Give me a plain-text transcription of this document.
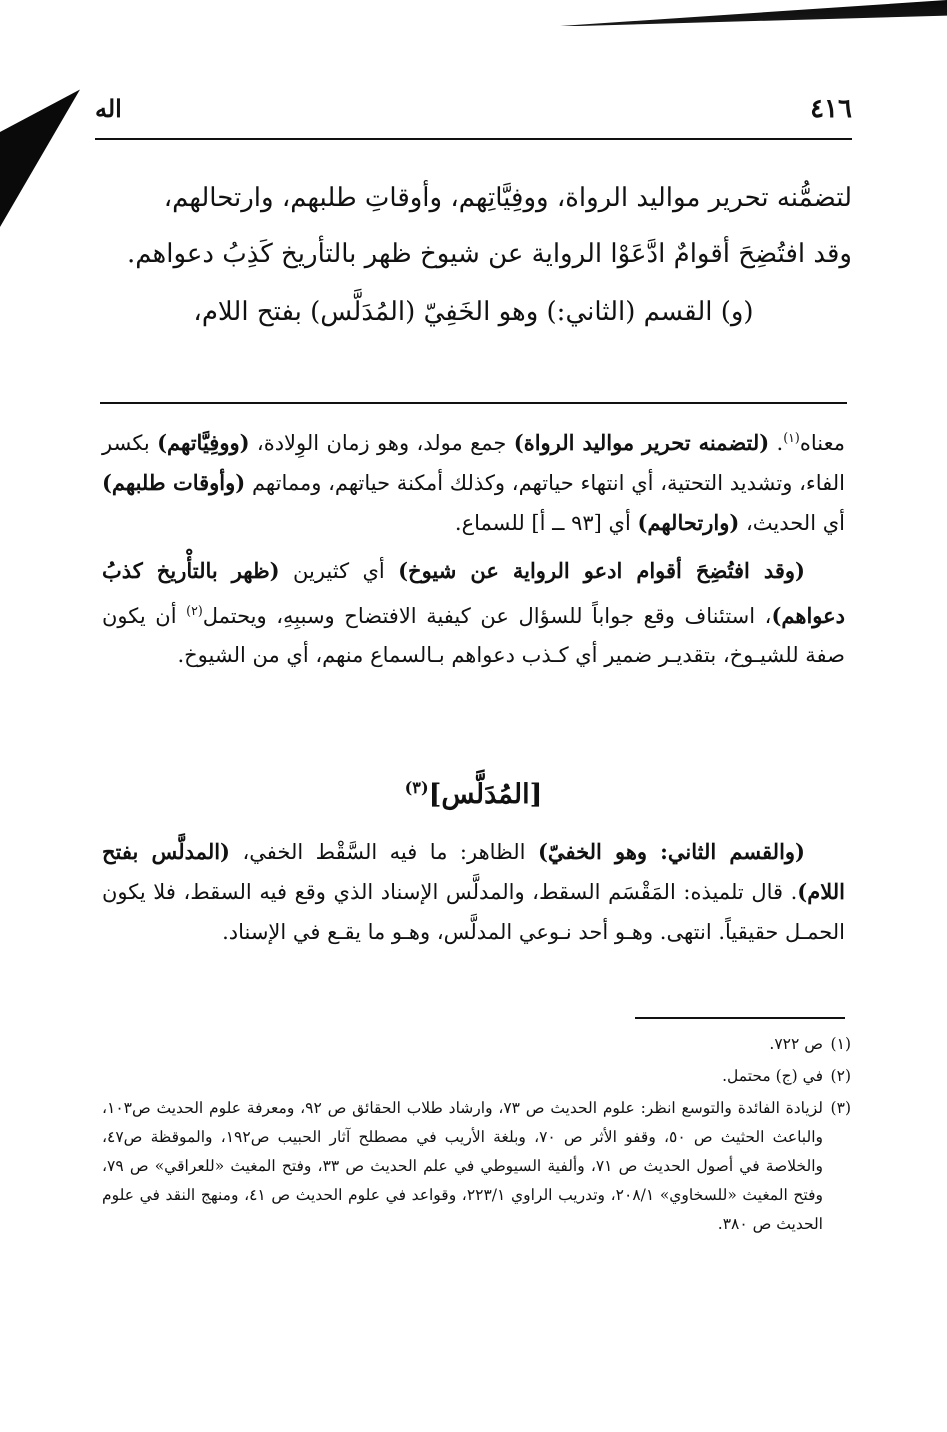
٤١٦
اله

لتضمُّنه تحرير مواليد الرواة، ووفِيَّاتِهم، وأوقاتِ طلبهم، وارتحالهم،

وقد افتُضِحَ أقوامٌ ادَّعَوْا الرواية عن شيوخ ظهر بالتأريخ كَذِبُ دعواهم.

(و) القسم (الثاني:) وهو الخَفِيّ (المُدَلَّس) بفتح اللام،

معناه$^{(١)}$. (لتضمنه تحرير مواليد الرواة) جمع مولد، وهو زمان الوِلادة، (ووفِيَّاتهم) بكسر الفاء، وتشديد التحتية، أي انتهاء حياتهم، وكذلك أمكنة حياتهم، ومماتهم (وأوقات طلبهم) أي الحديث، (وارتحالهم) أي [٩٣ ــ أ] للسماع.

(وقد افتُضِحَ أقوام ادعو الرواية عن شيوخ) أي كثيرين (ظهر بالتأْريخ كذبُ دعواهم)، استئناف وقع جواباً للسؤال عن كيفية الافتضاح وسببِهِ، ويحتمل$^{(٢)}$ أن يكون صفة للشيـوخ، بتقديـر ضمير أي كـذب دعواهم بـالسماع منهم، أي من الشيوخ.

[المُدَلَّس]$^{(٣)}$

(والقسم الثاني: وهو الخفيّ) الظاهر: ما فيه السَّقْط الخفي، (المدلَّس بفتح اللام). قال تلميذه: المَقْسَم السقط، والمدلَّس الإسناد الذي وقع فيه السقط، فلا يكون الحمـل حقيقياً. انتهى. وهـو أحد نـوعي المدلَّس، وهـو ما يقـع في الإسناد.

(١)
ص ٧٢٢.
(٢)
في (ج) محتمل.
(٣)
لزيادة الفائدة والتوسع انظر: علوم الحديث ص ٧٣، وارشاد طلاب الحقائق ص ٩٢، ومعرفة علوم الحديث ص١٠٣، والباعث الحثيث ص ٥٠، وقفو الأثر ص ٧٠، وبلغة الأريب في مصطلح آثار الحبيب ص١٩٢، والموقظة ص٤٧، والخلاصة في أصول الحديث ص ٧١، وألفية السيوطي في علم الحديث ص ٣٣، وفتح المغيث «للعراقي» ص ٧٩، وفتح المغيث «للسخاوي» ٢٠٨/١، وتدريب الراوي ٢٢٣/١، وقواعد في علوم الحديث ص ٤١، ومنهج النقد في علوم الحديث ص ٣٨٠.
